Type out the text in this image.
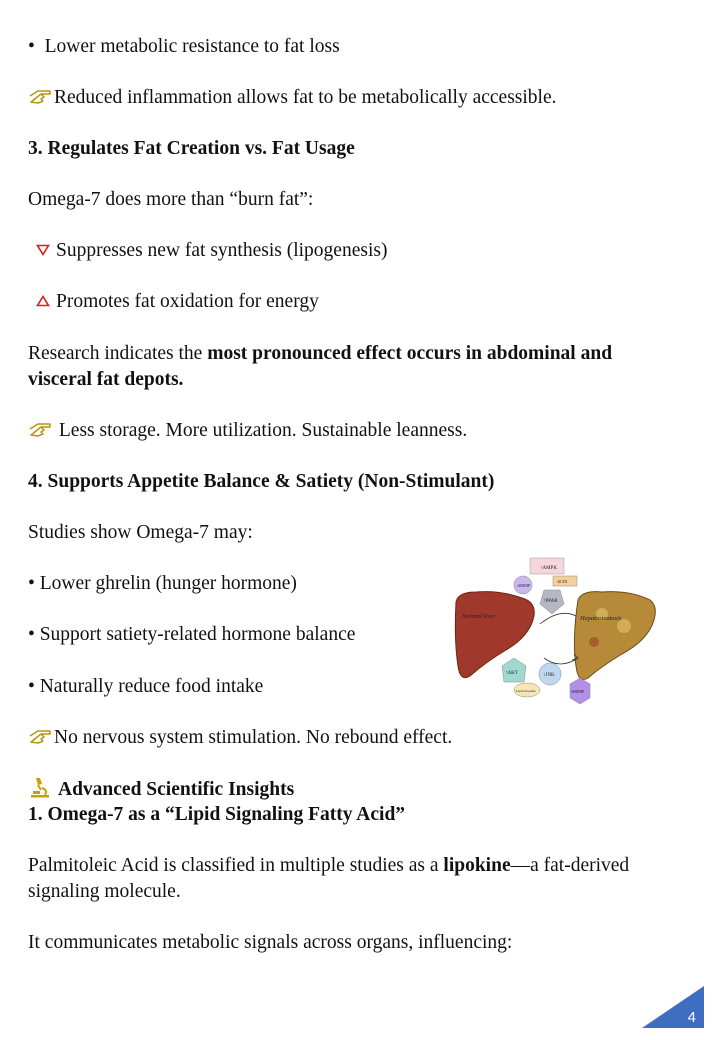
•  Lower metabolic resistance to fat loss
Reduced inflammation allows fat to be metabolically accessible.
3. Regulates Fat Creation vs. Fat Usage
Omega-7 does more than “burn fat”:
Suppresses new fat synthesis (lipogenesis)
Promotes fat oxidation for energy
Research indicates the most pronounced effect occurs in abdominal and
visceral fat depots.
Less storage. More utilization. Sustainable leanness.
4. Supports Appetite Balance & Satiety (Non-Stimulant)
Studies show Omega-7 may:
• Lower ghrelin (hunger hormone)
• Support satiety-related hormone balance
• Naturally reduce food intake
No nervous system stimulation. No rebound effect.
Normal liver	Hepatosteatosis
↑AMPK
↓SREBP
↓SCD1
↑PPAR
↑AKT
Lipid droplets
↑JNK
↑SREBP
Advanced Scientific Insights
1. Omega-7 as a “Lipid Signaling Fatty Acid”
Palmitoleic Acid is classified in multiple studies as a lipokine—a fat-derived
signaling molecule.
It communicates metabolic signals across organs, influencing:
4
